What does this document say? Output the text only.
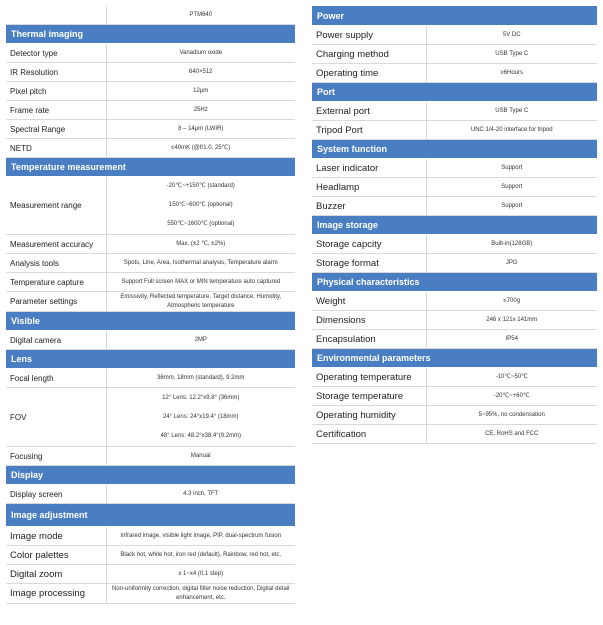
	PTM640
Thermal imaging	
Detector type	Vanadium oxide
IR Resolution	640×512
Pixel pitch	12μm
Frame rate	25Hz
Spectral Range	8 – 14μm (LWIR)
NETD	≤40mK (@f/1.0, 25℃)
Temperature measurement	
Measurement range	-20℃~+150℃ (standard)
150℃~600℃ (optional)
550℃~1600℃ (optional)

Measurement accuracy	Max. (±2 ℃, ±2%)
Analysis tools	Spots, Line, Area, Isothermal analysis, Temperature alarm
Temperature capture	Support Full screen MAX or MIN temperature auto captured
Parameter settings	Emissivity, Reflected temperature, Target distance, Humidity, Atmospheric temperature
Visible	
Digital camera	2MP
Lens	
Focal length	36mm, 18mm (standard), 9.2mm
FOV	12° Lens: 12.2°x9.8° (36mm)
24° Lens: 24°x19.4° (18mm)
48° Lens: 48.2°x38.4°(9.2mm)

Focusing	Manual
Display	
Display screen	4.3 inch, TFT
Image adjustment	
Image mode	Infrared image, visible light image, PIP, dual-spectrum fusion
Color palettes	Black hot, white hot, iron red (default), Rainbow, red hot, etc.
Digital zoom	x 1~x4 (0.1 step)
Image processing	Non-uniformity correction, digital filter noise reduction, Digital detail enhancement, etc.
Power	
Power supply	5V DC
Charging method	USB Type C
Operating time	≥6Hours
Port	
External port	USB Type C
Tripod Port	UNC 1/4-20 interface for tripod
System function	
Laser indicator	Support
Headlamp	Support
Buzzer	Support
Image storage	
Storage capcity	Built-in(128GB)
Storage format	JPG
Physical characteristics	
Weight	≤700g
Dimensions	246 x 121x 141mm
Encapsulation	IP54
Environmental parameters	
Operating temperature	-10℃~50℃
Storage temperature	-20℃~+60℃
Operating humidity	5~95%, no condensation
Certification	CE, RoHS and FCC
